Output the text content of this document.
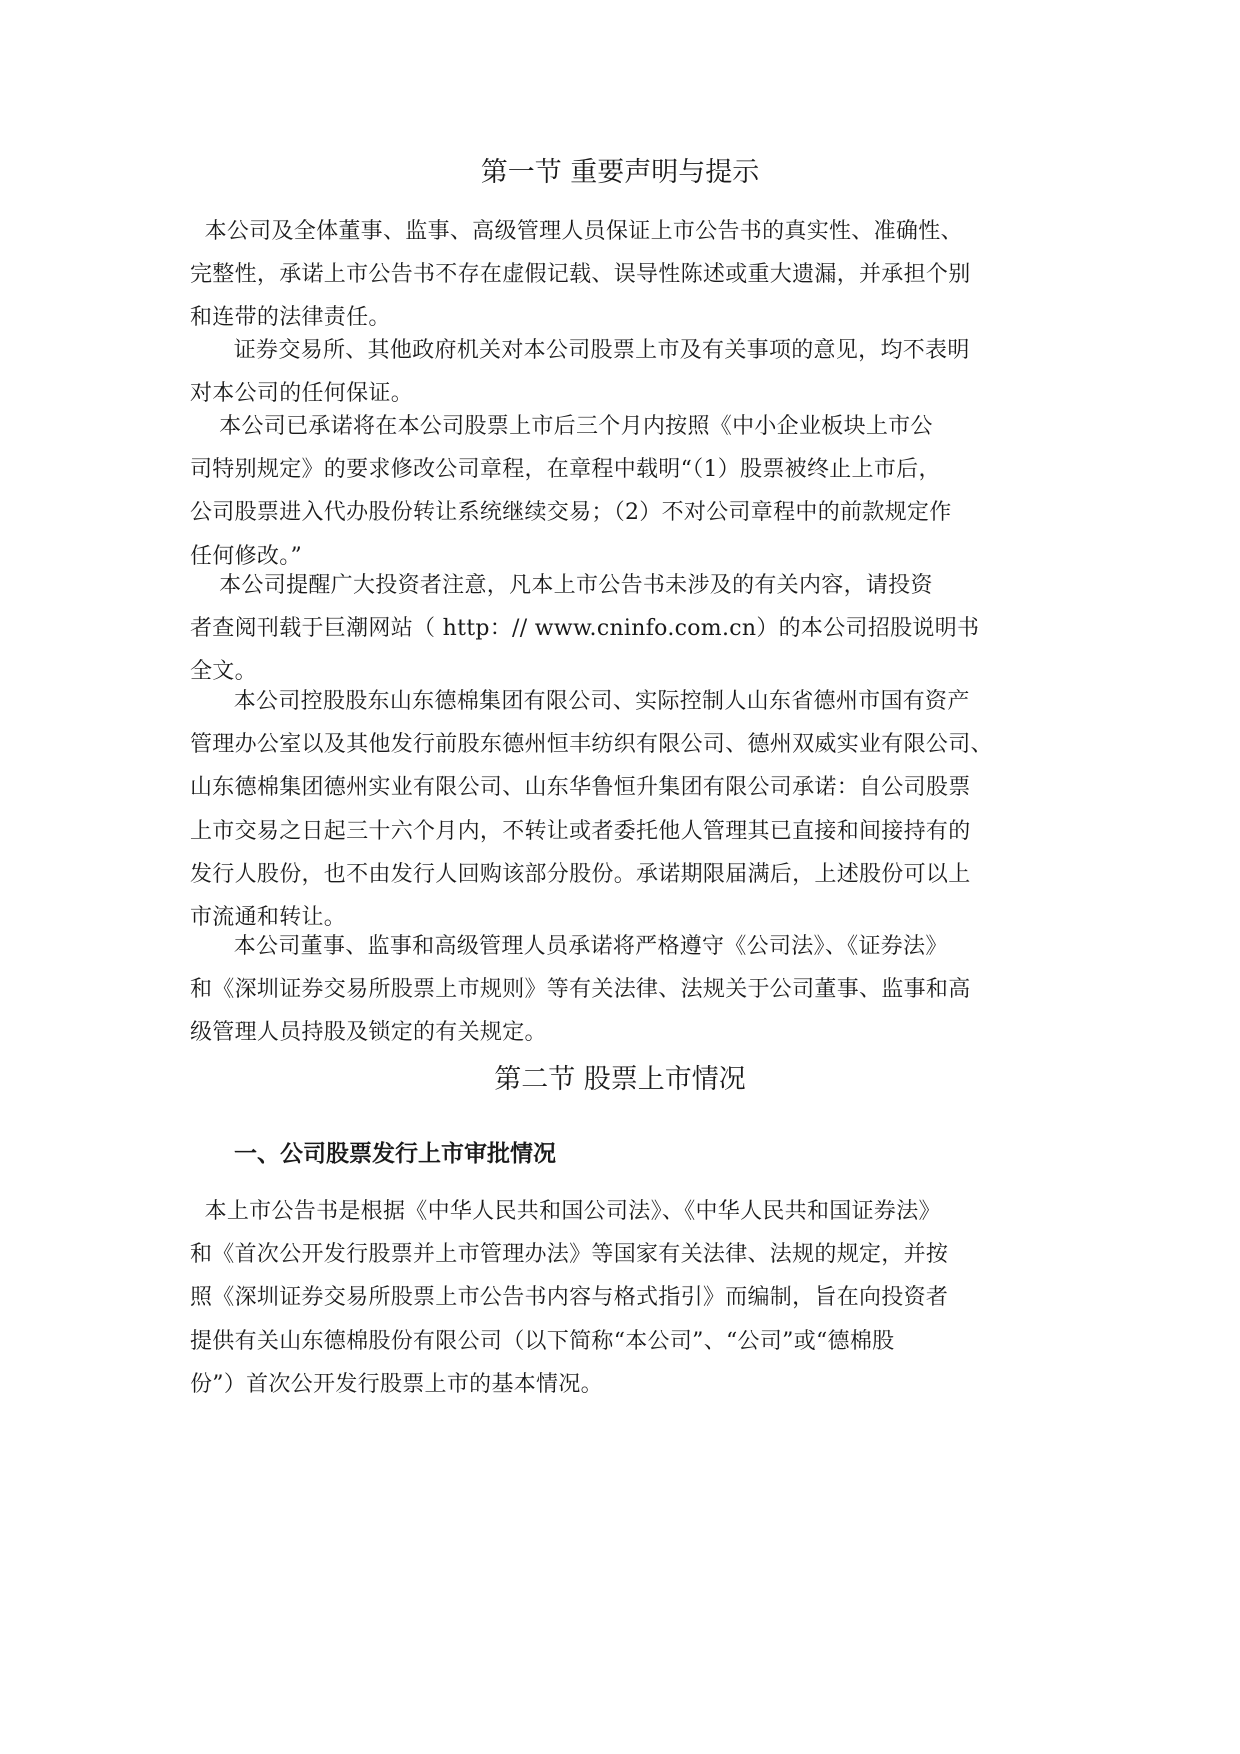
第一节 重要声明与提示

本公司及全体董事、监事、高级管理人员保证上市公告书的真实性、准确性、
完整性，承诺上市公告书不存在虚假记载、误导性陈述或重大遗漏，并承担个别
和连带的法律责任。

证券交易所、其他政府机关对本公司股票上市及有关事项的意见，均不表明
对本公司的任何保证。

本公司已承诺将在本公司股票上市后三个月内按照《中小企业板块上市公
司特别规定》的要求修改公司章程，在章程中载明“（1）股票被终止上市后，
公司股票进入代办股份转让系统继续交易；（2）不对公司章程中的前款规定作
任何修改。”

本公司提醒广大投资者注意，凡本上市公告书未涉及的有关内容，请投资
者查阅刊载于巨潮网站（ http：// www.cninfo.com.cn）的本公司招股说明书
全文。

本公司控股股东山东德棉集团有限公司、实际控制人山东省德州市国有资产
管理办公室以及其他发行前股东德州恒丰纺织有限公司、德州双威实业有限公司、
山东德棉集团德州实业有限公司、山东华鲁恒升集团有限公司承诺：自公司股票
上市交易之日起三十六个月内，不转让或者委托他人管理其已直接和间接持有的
发行人股份，也不由发行人回购该部分股份。承诺期限届满后，上述股份可以上
市流通和转让。

本公司董事、监事和高级管理人员承诺将严格遵守《公司法》、《证券法》
和《深圳证券交易所股票上市规则》等有关法律、法规关于公司董事、监事和高
级管理人员持股及锁定的有关规定。

第二节 股票上市情况
一、公司股票发行上市审批情况

本上市公告书是根据《中华人民共和国公司法》、《中华人民共和国证券法》
和《首次公开发行股票并上市管理办法》等国家有关法律、法规的规定，并按
照《深圳证券交易所股票上市公告书内容与格式指引》而编制，旨在向投资者
提供有关山东德棉股份有限公司（以下简称“本公司”、“公司”或“德棉股
份”）首次公开发行股票上市的基本情况。
